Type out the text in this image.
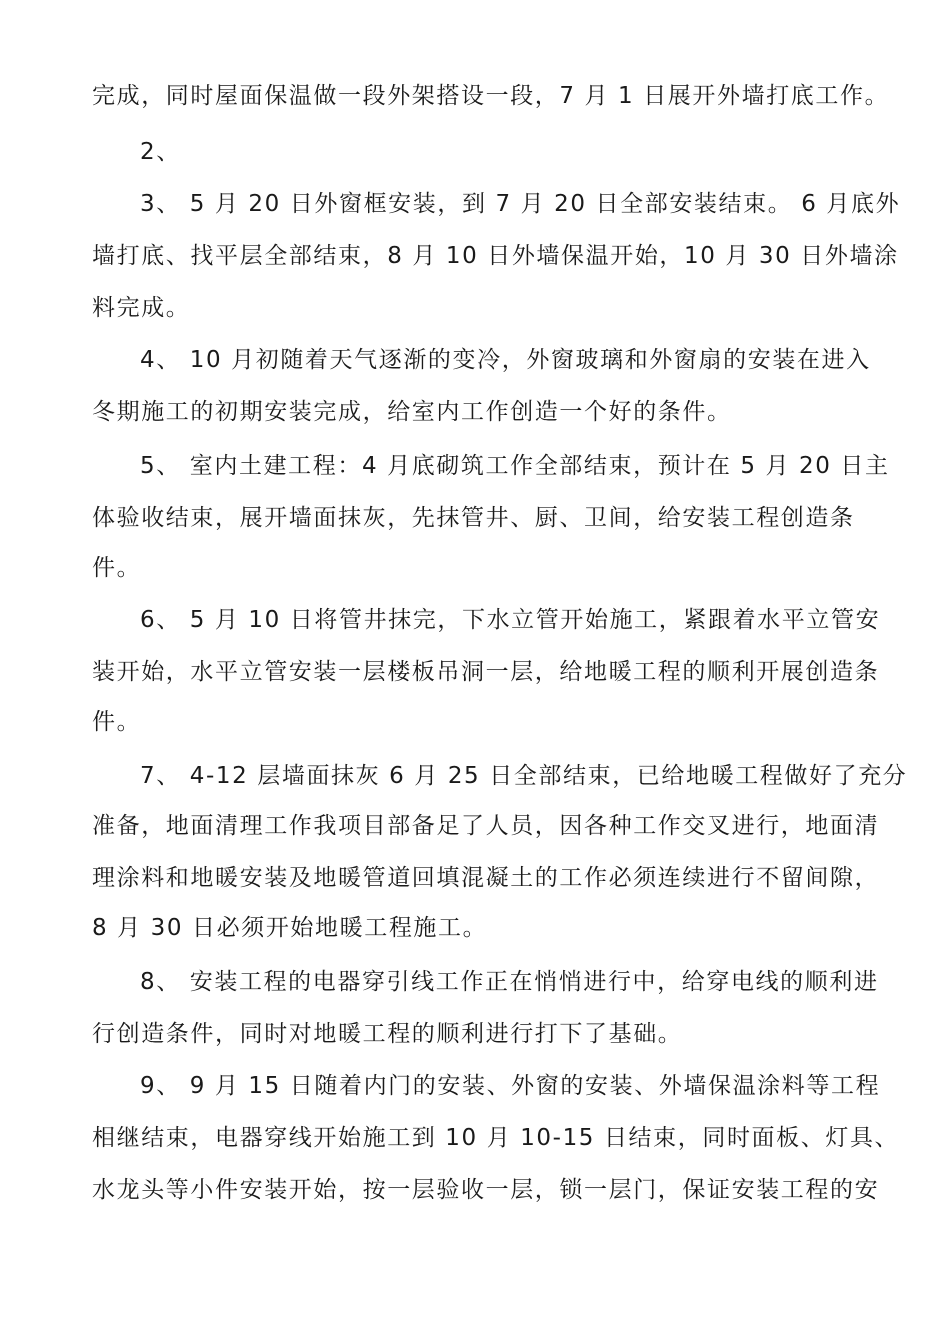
完成，同时屋面保温做一段外架搭设一段，7 月 1 日展开外墙打底工作。
2、
3、 5 月 20 日外窗框安装，到 7 月 20 日全部安装结束。 6 月底外
墙打底、找平层全部结束，8 月 10 日外墙保温开始，10 月 30 日外墙涂
料完成。
4、 10 月初随着天气逐渐的变冷，外窗玻璃和外窗扇的安装在进入
冬期施工的初期安装完成，给室内工作创造一个好的条件。
5、 室内土建工程：4 月底砌筑工作全部结束，预计在 5 月 20 日主
体验收结束，展开墙面抹灰，先抹管井、厨、卫间，给安装工程创造条
件。
6、 5 月 10 日将管井抹完，下水立管开始施工，紧跟着水平立管安
装开始，水平立管安装一层楼板吊洞一层，给地暖工程的顺利开展创造条
件。
7、 4-12 层墙面抹灰 6 月 25 日全部结束，已给地暖工程做好了充分
准备，地面清理工作我项目部备足了人员，因各种工作交叉进行，地面清
理涂料和地暖安装及地暖管道回填混凝土的工作必须连续进行不留间隙，
8 月 30 日必须开始地暖工程施工。
8、 安装工程的电器穿引线工作正在悄悄进行中，给穿电线的顺利进
行创造条件，同时对地暖工程的顺利进行打下了基础。
9、 9 月 15 日随着内门的安装、外窗的安装、外墙保温涂料等工程
相继结束，电器穿线开始施工到 10 月 10-15 日结束，同时面板、灯具、
水龙头等小件安装开始，按一层验收一层，锁一层门，保证安装工程的安
